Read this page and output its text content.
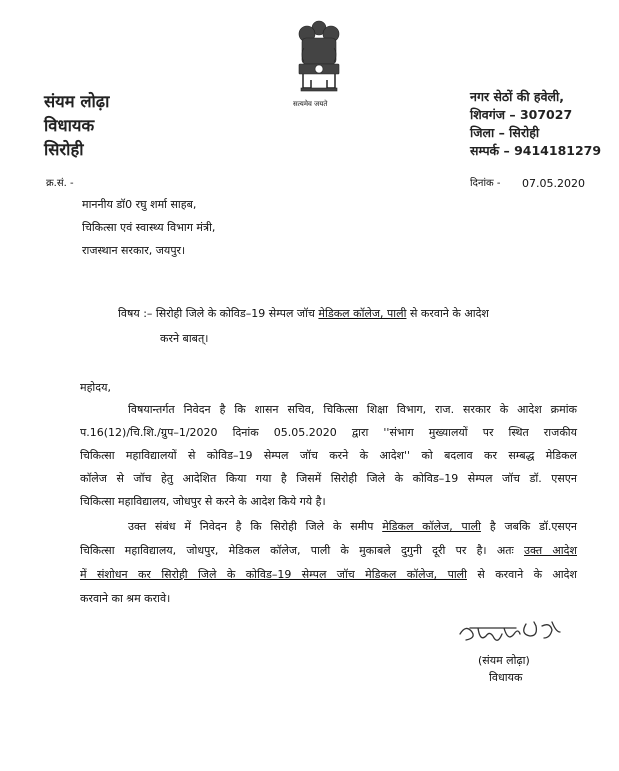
सत्यमेव जयते
संयम लोढ़ा
विधायक
सिरोही
नगर सेठों की हवेली,
शिवगंज – 307027
जिला – सिरोही
सम्पर्क – 9414181279
क्र.सं. -	दिनांक - 07.05.2020
माननीय डॉ0 रघु शर्मा साहब,
चिकित्सा एवं स्वास्थ्य विभाग मंत्री,
राजस्थान सरकार, जयपुर।
विषय :– सिरोही जिले के कोविड–19 सेम्पल जॉच मेडिकल कॉलेज, पाली से करवाने के आदेश
करने बाबत्।
महोदय,
विषयान्तर्गत निवेदन है कि शासन सचिव, चिकित्सा शिक्षा विभाग, राज. सरकार के आदेश क्रमांक
प.16(12)/चि.शि./ग्रुप–1/2020 दिनांक 05.05.2020 द्वारा ''संभाग मुख्यालयों पर स्थित राजकीय
चिकित्सा महाविद्यालयों से कोविड–19 सेम्पल जॉच करने के आदेश'' को बदलाव कर सम्बद्ध मेडिकल
कॉलेज से जॉच हेतु आदेशित किया गया है जिसमें सिरोही जिले के कोविड–19 सेम्पल जॉच डॉ. एसएन
चिकित्सा महाविद्यालय, जोधपुर से करने के आदेश किये गये है।
उक्त संबंध में निवेदन है कि सिरोही जिले के समीप मेडिकल कॉलेज, पाली है जबकि डॉ.एसएन
चिकित्सा महाविद्यालय, जोधपुर, मेडिकल कॉलेज, पाली के मुकाबले दुगुनी दूरी पर है। अतः उक्त आदेश
में संशोधन कर सिरोही जिले के कोविड–19 सेम्पल जॉच मेडिकल कॉलेज, पाली से करवाने के आदेश
करवाने का श्रम करावे।
(संयम लोढ़ा)
विधायक
